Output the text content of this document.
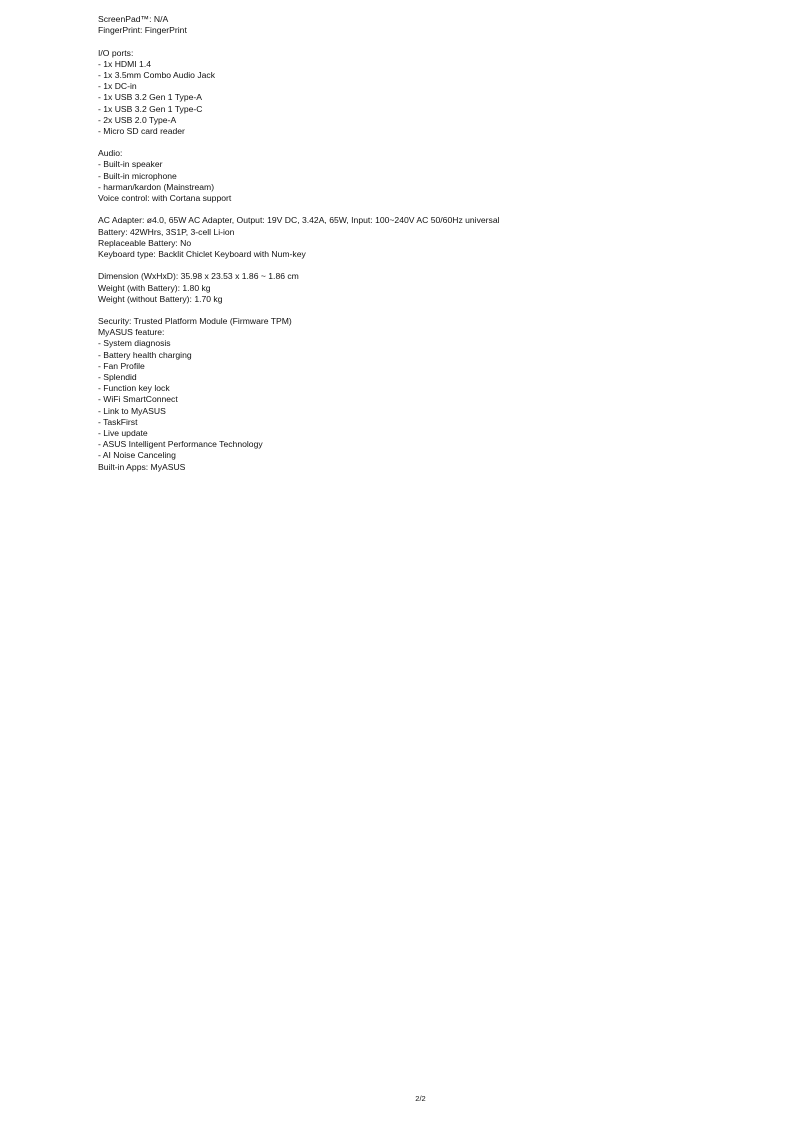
ScreenPad™: N/A
FingerPrint: FingerPrint
I/O ports:
- 1x HDMI 1.4
- 1x 3.5mm Combo Audio Jack
- 1x DC-in
- 1x USB 3.2 Gen 1 Type-A
- 1x USB 3.2 Gen 1 Type-C
- 2x USB 2.0 Type-A
- Micro SD card reader
Audio:
- Built-in speaker
- Built-in microphone
- harman/kardon (Mainstream)
Voice control: with Cortana support
AC Adapter: ø4.0, 65W AC Adapter, Output: 19V DC, 3.42A, 65W, Input: 100~240V AC 50/60Hz universal
Battery: 42WHrs, 3S1P, 3-cell Li-ion
Replaceable Battery: No
Keyboard type: Backlit Chiclet Keyboard with Num-key
Dimension (WxHxD): 35.98 x 23.53 x 1.86 ~ 1.86 cm
Weight (with Battery): 1.80 kg
Weight (without Battery): 1.70 kg
Security: Trusted Platform Module (Firmware TPM)
MyASUS feature:
- System diagnosis
- Battery health charging
- Fan Profile
- Splendid
- Function key lock
- WiFi SmartConnect
- Link to MyASUS
- TaskFirst
- Live update
- ASUS Intelligent Performance Technology
- AI Noise Canceling
Built-in Apps: MyASUS
2/2
